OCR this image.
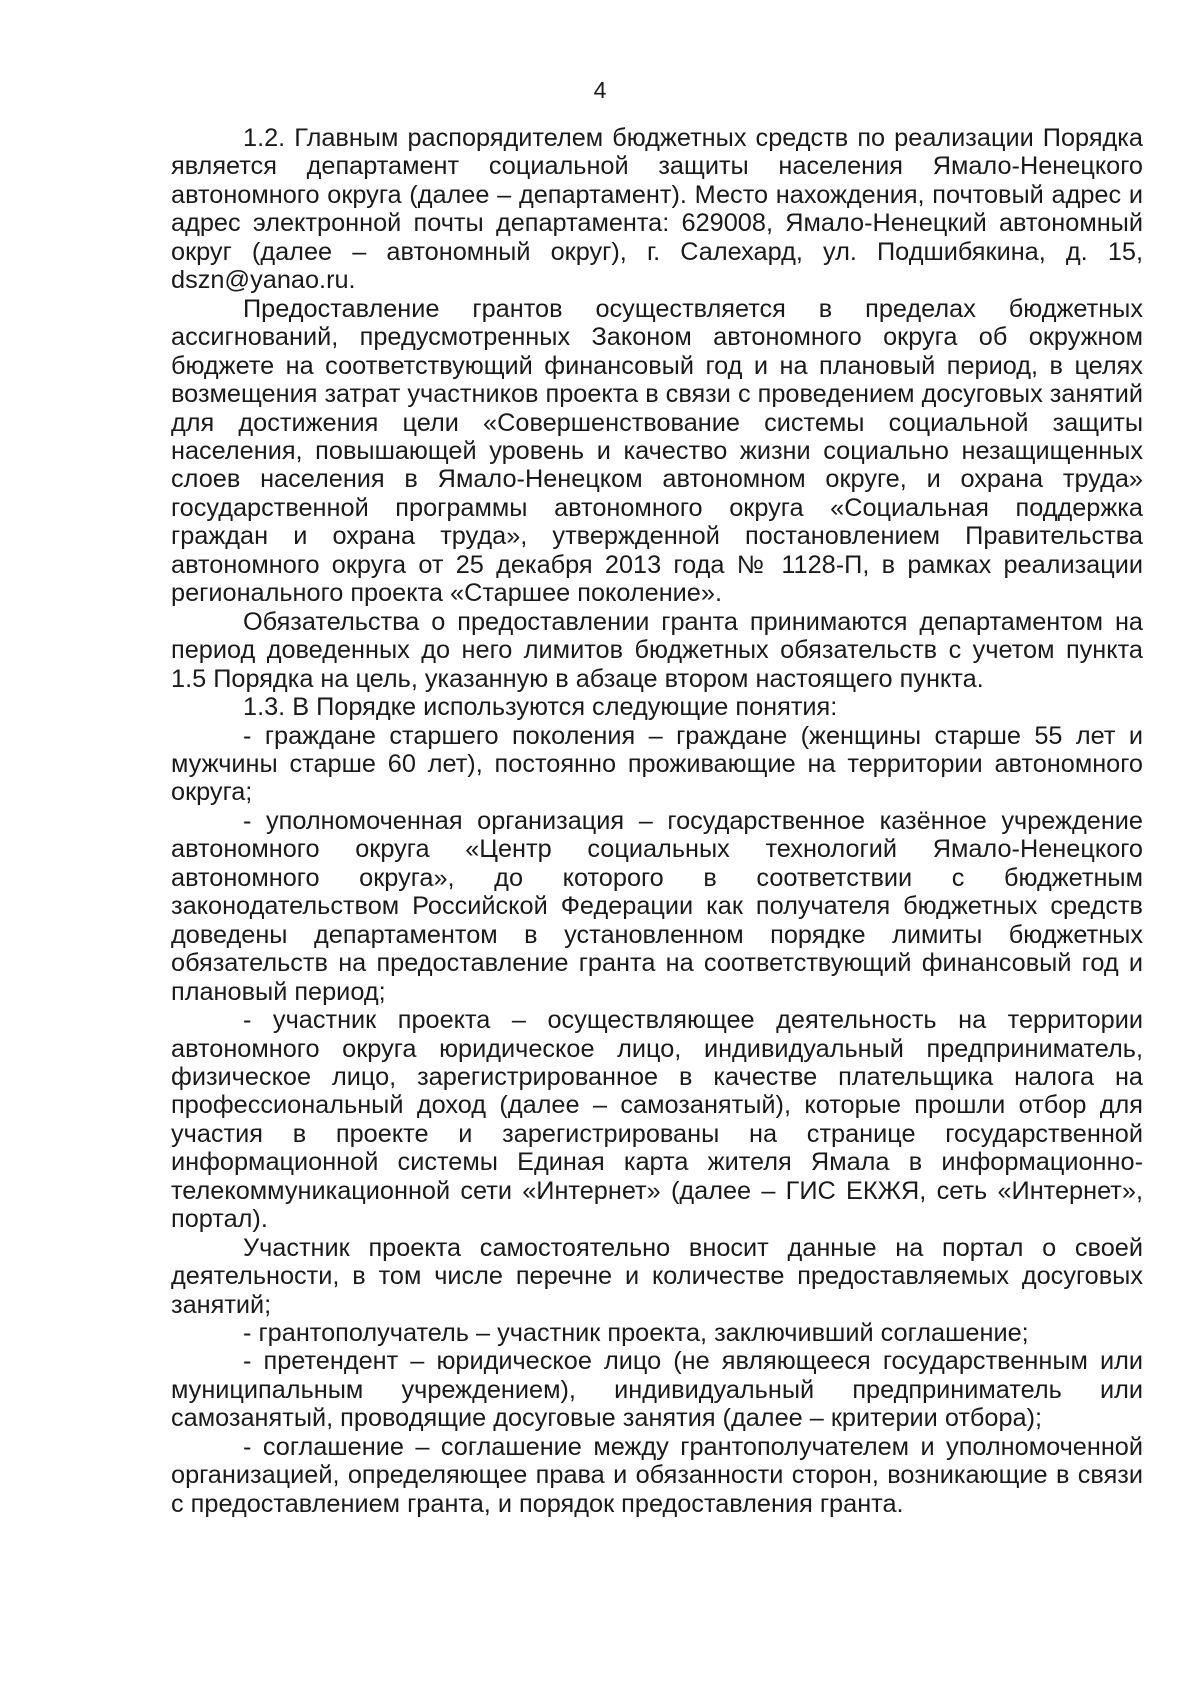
4

1.2. Главным распорядителем бюджетных средств по реализации Порядка является департамент социальной защиты населения Ямало-Ненецкого автономного округа (далее – департамент). Место нахождения, почтовый адрес и адрес электронной почты департамента: 629008, Ямало-Ненецкий автономный округ (далее – автономный округ), г. Салехард, ул. Подшибякина, д. 15, dszn@yanao.ru.

Предоставление грантов осуществляется в пределах бюджетных ассигнований, предусмотренных Законом автономного округа об окружном бюджете на соответствующий финансовый год и на плановый период, в целях возмещения затрат участников проекта в связи с проведением досуговых занятий для достижения цели «Совершенствование системы социальной защиты населения, повышающей уровень и качество жизни социально незащищенных слоев населения в Ямало-Ненецком автономном округе, и охрана труда» государственной программы автономного округа «Социальная поддержка граждан и охрана труда», утвержденной постановлением Правительства автономного округа от 25 декабря 2013 года № 1128-П, в рамках реализации регионального проекта «Старшее поколение».

Обязательства о предоставлении гранта принимаются департаментом на период доведенных до него лимитов бюджетных обязательств с учетом пункта 1.5 Порядка на цель, указанную в абзаце втором настоящего пункта.

1.3. В Порядке используются следующие понятия:

- граждане старшего поколения – граждане (женщины старше 55 лет и мужчины старше 60 лет), постоянно проживающие на территории автономного округа;

- уполномоченная организация – государственное казённое учреждение автономного округа «Центр социальных технологий Ямало-Ненецкого автономного округа», до которого в соответствии с бюджетным законодательством Российской Федерации как получателя бюджетных средств доведены департаментом в установленном порядке лимиты бюджетных обязательств на предоставление гранта на соответствующий финансовый год и плановый период;

- участник проекта – осуществляющее деятельность на территории автономного округа юридическое лицо, индивидуальный предприниматель, физическое лицо, зарегистрированное в качестве плательщика налога на профессиональный доход (далее – самозанятый), которые прошли отбор для участия в проекте и зарегистрированы на странице государственной информационной системы Единая карта жителя Ямала в информационно-телекоммуникационной сети «Интернет» (далее – ГИС ЕКЖЯ, сеть «Интернет», портал).

Участник проекта самостоятельно вносит данные на портал о своей деятельности, в том числе перечне и количестве предоставляемых досуговых занятий;

- грантополучатель – участник проекта, заключивший соглашение;

- претендент – юридическое лицо (не являющееся государственным или муниципальным учреждением), индивидуальный предприниматель или самозанятый, проводящие досуговые занятия (далее – критерии отбора);

- соглашение – соглашение между грантополучателем и уполномоченной организацией, определяющее права и обязанности сторон, возникающие в связи с предоставлением гранта, и порядок предоставления гранта.
